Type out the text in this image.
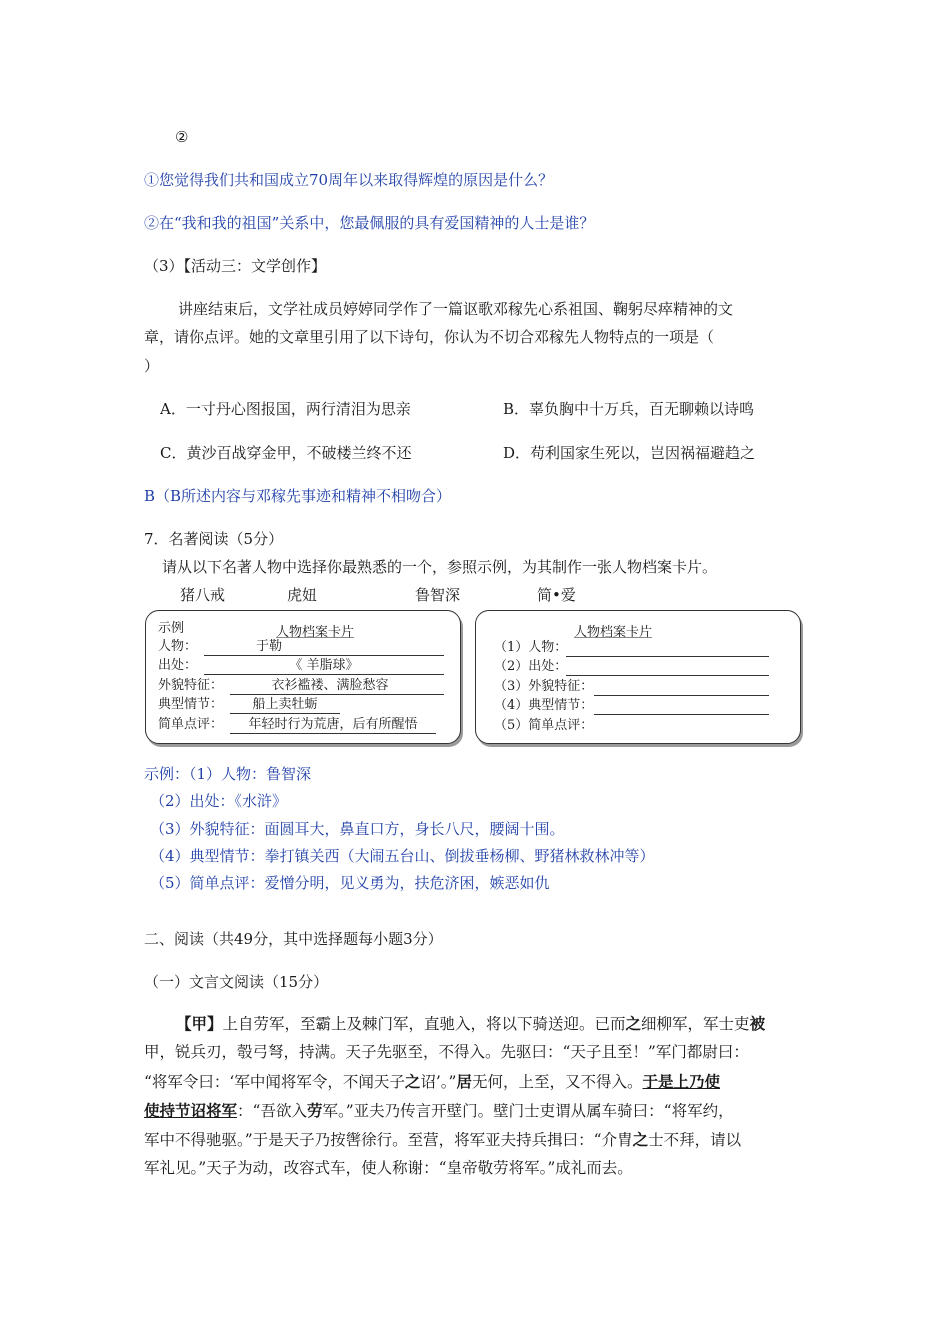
②
①您觉得我们共和国成立70周年以来取得辉煌的原因是什么？
②在“我和我的祖国”关系中，您最佩服的具有爱国精神的人士是谁？
（3）【活动三：文学创作】
讲座结束后，文学社成员婷婷同学作了一篇讴歌邓稼先心系祖国、鞠躬尽瘁精神的文
章，请你点评。她的文章里引用了以下诗句，你认为不切合邓稼先人物特点的一项是（
）
A．一寸丹心图报国，两行清泪为思亲	B．辜负胸中十万兵，百无聊赖以诗鸣
C．黄沙百战穿金甲，不破楼兰终不还	D．苟利国家生死以，岂因祸福避趋之
B（B所述内容与邓稼先事迹和精神不相吻合）
7．名著阅读（5分）
请从以下名著人物中选择你最熟悉的一个，参照示例，为其制作一张人物档案卡片。
猪八戒	虎妞	鲁智深	简•爱
示例	人物档案卡片
人物：	于勒
出处：	《 羊脂球》
外貌特征：	衣衫褴褛、满脸愁容
典型情节：	船上卖牡蛎
简单点评：	年轻时行为荒唐，后有所醒悟
人物档案卡片
（1）人物：
（2）出处：
（3）外貌特征：
（4）典型情节：
（5）简单点评：
示例：（1）人物：鲁智深
（2）出处：《水浒》
（3）外貌特征：面圆耳大，鼻直口方，身长八尺，腰阔十围。
（4）典型情节：拳打镇关西（大闹五台山、倒拔垂杨柳、野猪林救林冲等）
（5）简单点评：爱憎分明，见义勇为，扶危济困，嫉恶如仇
二、阅读（共49分，其中选择题每小题3分）
（一）文言文阅读（15分）
【甲】上自劳军，至霸上及棘门军，直驰入，将以下骑送迎。已而之细柳军，军士吏被
甲，锐兵刃，彀弓弩，持满。天子先驱至，不得入。先驱曰：“天子且至！”军门都尉曰：
“将军令曰：‘军中闻将军令，不闻天子之诏’。”居无何，上至，又不得入。于是上乃使
使持节诏将军：“吾欲入劳军。”亚夫乃传言开壁门。壁门士吏谓从属车骑曰：“将军约，
军中不得驰驱。”于是天子乃按辔徐行。至营，将军亚夫持兵揖曰：“介胄之士不拜，请以
军礼见。”天子为动，改容式车，使人称谢：“皇帝敬劳将军。”成礼而去。
